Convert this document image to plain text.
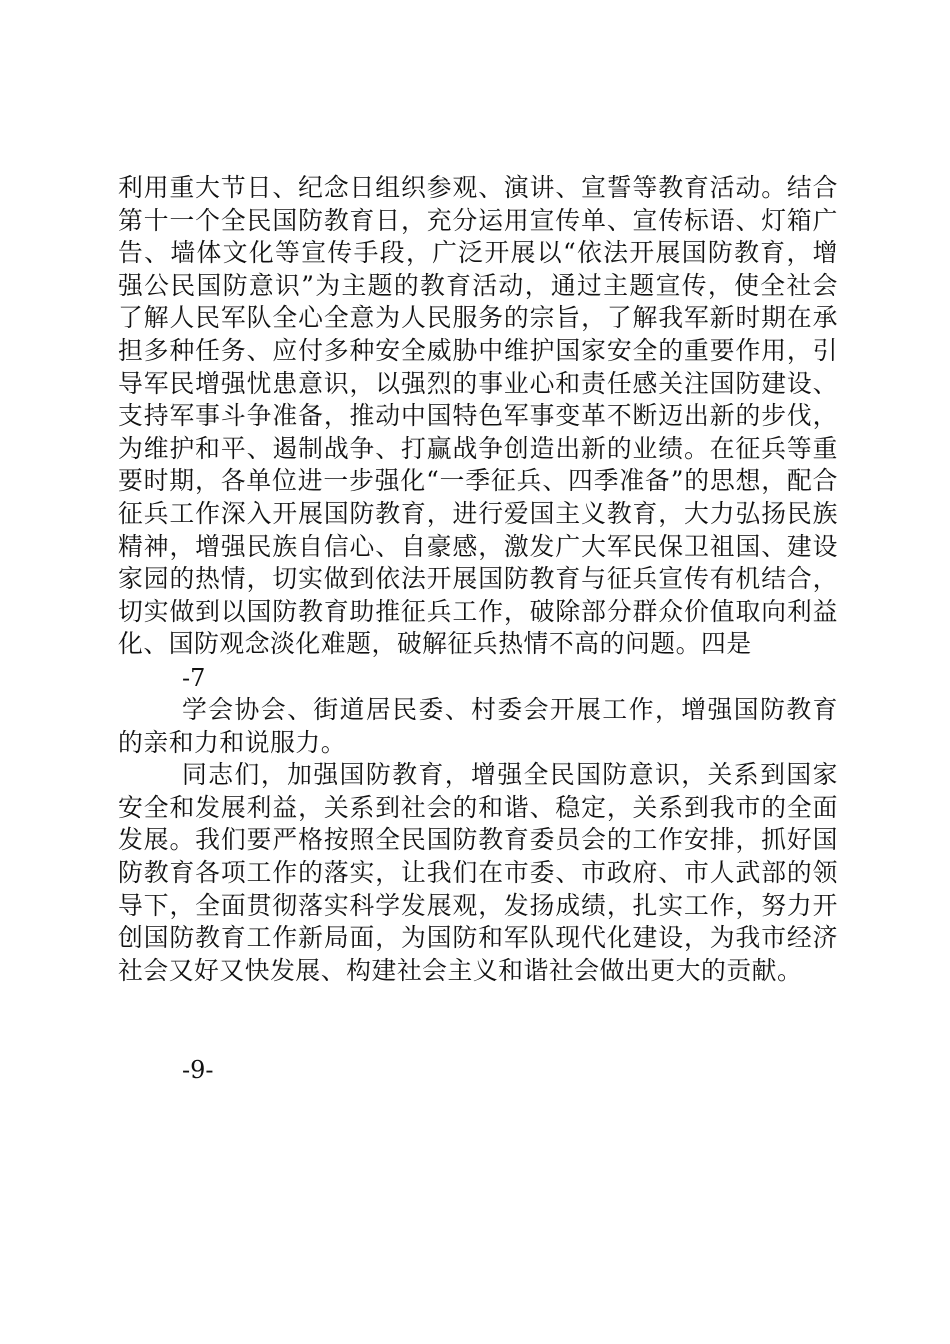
利用重大节日、纪念日组织参观、演讲、宣誓等教育活动。结合第十一个全民国防教育日，充分运用宣传单、宣传标语、灯箱广告、墙体文化等宣传手段，广泛开展以“依法开展国防教育，增强公民国防意识”为主题的教育活动，通过主题宣传，使全社会了解人民军队全心全意为人民服务的宗旨，了解我军新时期在承担多种任务、应付多种安全威胁中维护国家安全的重要作用，引导军民增强忧患意识，以强烈的事业心和责任感关注国防建设、支持军事斗争准备，推动中国特色军事变革不断迈出新的步伐，为维护和平、遏制战争、打赢战争创造出新的业绩。在征兵等重要时期，各单位进一步强化“一季征兵、四季准备”的思想，配合征兵工作深入开展国防教育，进行爱国主义教育，大力弘扬民族精神，增强民族自信心、自豪感，激发广大军民保卫祖国、建设家园的热情，切实做到依法开展国防教育与征兵宣传有机结合，切实做到以国防教育助推征兵工作，破除部分群众价值取向利益化、国防观念淡化难题，破解征兵热情不高的问题。四是

-7

学会协会、街道居民委、村委会开展工作，增强国防教育的亲和力和说服力。

同志们，加强国防教育，增强全民国防意识，关系到国家安全和发展利益，关系到社会的和谐、稳定，关系到我市的全面发展。我们要严格按照全民国防教育委员会的工作安排，抓好国防教育各项工作的落实，让我们在市委、市政府、市人武部的领导下，全面贯彻落实科学发展观，发扬成绩，扎实工作，努力开创国防教育工作新局面，为国防和军队现代化建设，为我市经济社会又好又快发展、构建社会主义和谐社会做出更大的贡献。

-9-
